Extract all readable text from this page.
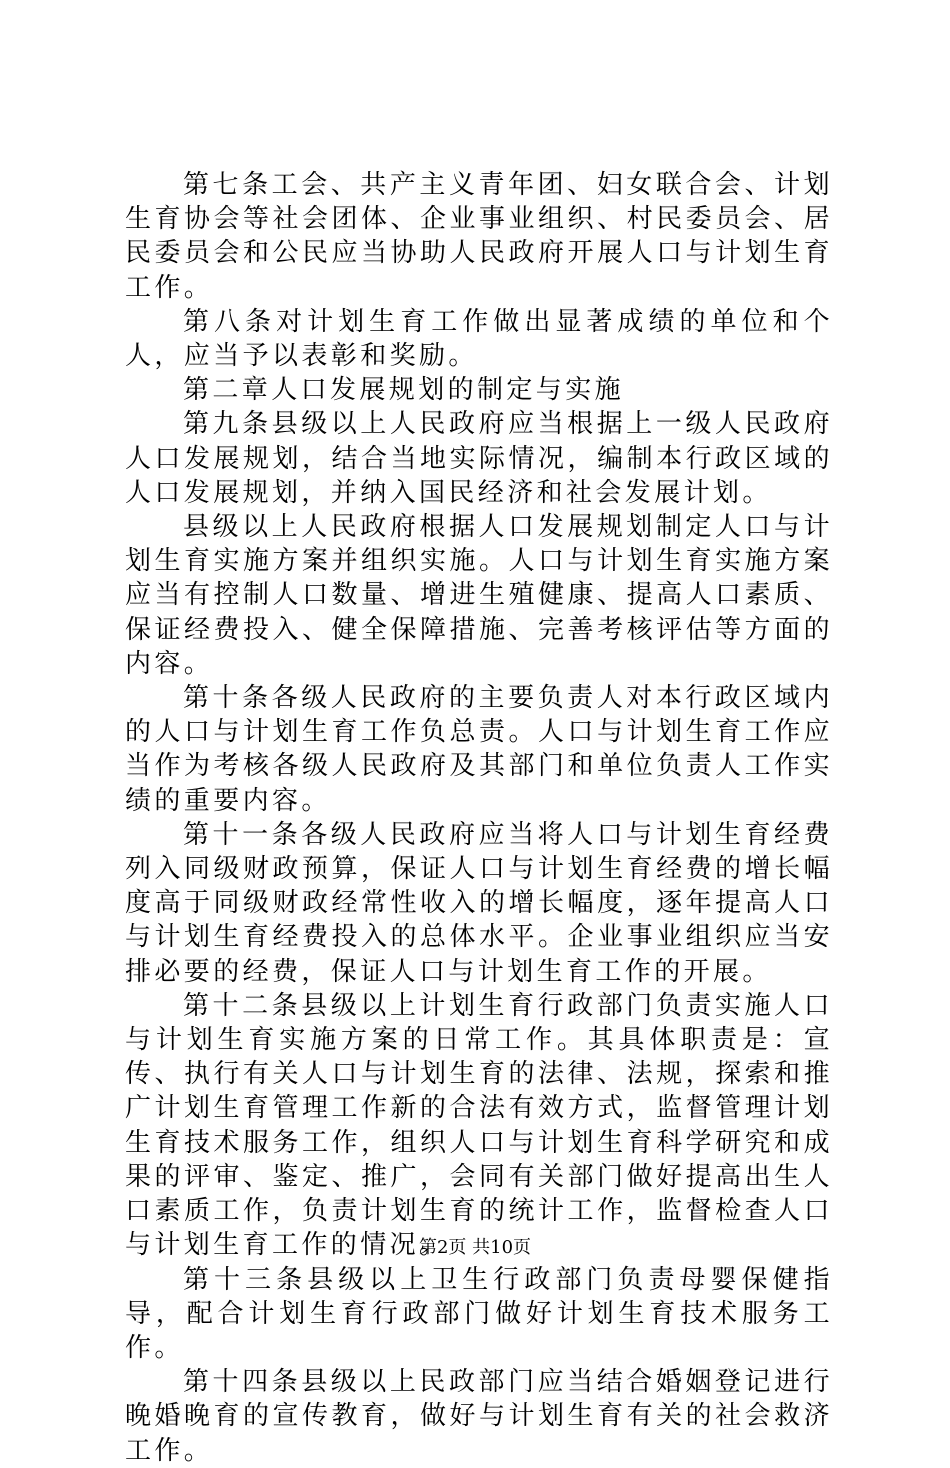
第七条工会、共产主义青年团、妇女联合会、计划生育协会等社会团体、企业事业组织、村民委员会、居民委员会和公民应当协助人民政府开展人口与计划生育工作。

第八条对计划生育工作做出显著成绩的单位和个人，应当予以表彰和奖励。

第二章人口发展规划的制定与实施

第九条县级以上人民政府应当根据上一级人民政府人口发展规划，结合当地实际情况，编制本行政区域的人口发展规划，并纳入国民经济和社会发展计划。

县级以上人民政府根据人口发展规划制定人口与计划生育实施方案并组织实施。人口与计划生育实施方案应当有控制人口数量、增进生殖健康、提高人口素质、保证经费投入、健全保障措施、完善考核评估等方面的内容。

第十条各级人民政府的主要负责人对本行政区域内的人口与计划生育工作负总责。人口与计划生育工作应当作为考核各级人民政府及其部门和单位负责人工作实绩的重要内容。

第十一条各级人民政府应当将人口与计划生育经费列入同级财政预算，保证人口与计划生育经费的增长幅度高于同级财政经常性收入的增长幅度，逐年提高人口与计划生育经费投入的总体水平。企业事业组织应当安排必要的经费，保证人口与计划生育工作的开展。

第十二条县级以上计划生育行政部门负责实施人口与计划生育实施方案的日常工作。其具体职责是：宣传、执行有关人口与计划生育的法律、法规，探索和推广计划生育管理工作新的合法有效方式，监督管理计划生育技术服务工作，组织人口与计划生育科学研究和成果的评审、鉴定、推广，会同有关部门做好提高出生人口素质工作，负责计划生育的统计工作，监督检查人口与计划生育工作的情况。

第十三条县级以上卫生行政部门负责母婴保健指导，配合计划生育行政部门做好计划生育技术服务工作。

第十四条县级以上民政部门应当结合婚姻登记进行晚婚晚育的宣传教育，做好与计划生育有关的社会救济工作。

第2页 共10页
